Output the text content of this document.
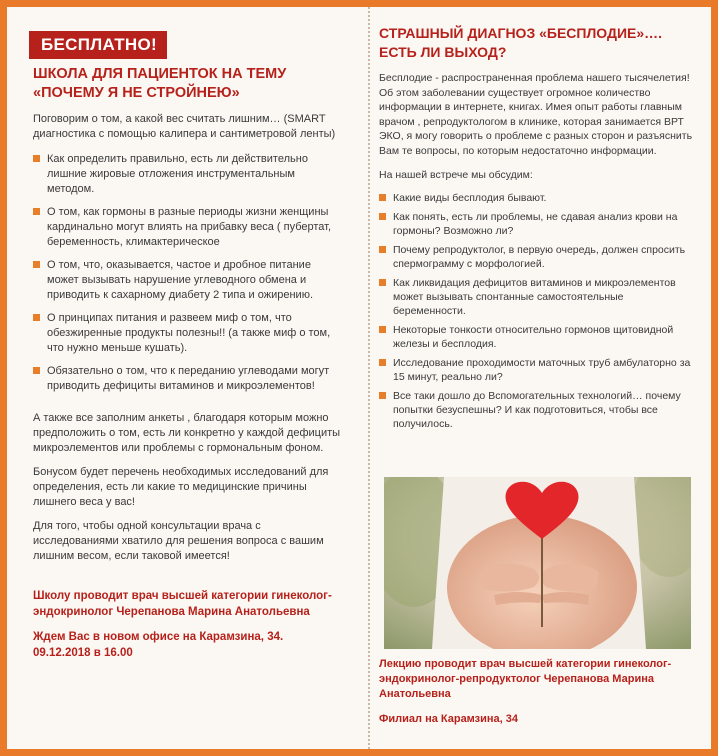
БЕСПЛАТНО!
ШКОЛА ДЛЯ ПАЦИЕНТОК НА ТЕМУ
«ПОЧЕМУ Я НЕ СТРОЙНЕЮ»

Поговорим о том, а какой вес считать лишним… (SMART диагностика с помощью калипера и сантиметровой ленты)

Как определить правильно, есть ли действительно лишние жировые отложения инструментальным методом.
О том, как гормоны в разные периоды жизни женщины кардинально могут влиять на прибавку веса ( пубертат, беременность, климактерическое
О том, что, оказывается, частое и дробное питание может вызывать нарушение углеводного обмена и приводить к сахарному диабету 2 типа и ожирению.
О принципах питания и развеем миф о том, что обезжиренные продукты полезны!! (а также миф о том, что нужно меньше кушать).
Обязательно о том, что к переданию углеводами могут приводить дефициты витаминов и микроэлементов!

А также все заполним анкеты , благодаря которым можно предположить о том, есть ли конкретно у каждой дефициты микроэлементов или проблемы с гормональным фоном.

Бонусом будет перечень необходимых исследований для определения, есть ли какие то медицинские причины лишнего веса у вас!

Для того, чтобы одной консультации врача с исследованиями хватило для решения вопроса с вашим лишним весом, если таковой имеется!

Школу проводит врач высшей категории гинеколог-эндокринолог Черепанова Марина Анатольевна

Ждем Вас в новом офисе на Карамзина, 34.
09.12.2018 в 16.00

СТРАШНЫЙ ДИАГНОЗ «БЕСПЛОДИЕ»….
ЕСТЬ ЛИ ВЫХОД?

Бесплодие - распространенная проблема нашего тысячелетия! Об этом заболевании существует огромное количество информации в интернете, книгах. Имея опыт работы главным врачом , репродуктологом в клинике, которая занимается ВРТ ЭКО, я могу говорить о проблеме с разных сторон и разъяснить Вам те вопросы, по которым недостаточно информации.

На нашей встрече мы обсудим:

Какие виды бесплодия бывают.
Как понять, есть ли проблемы, не сдавая анализ крови на гормоны? Возможно ли?
Почему репродуктолог, в первую очередь, должен спросить спермограмму с морфологией.
Как ликвидация дефицитов витаминов и микроэлементов может вызывать спонтанные самостоятельные беременности.
Некоторые тонкости относительно гормонов щитовидной железы и бесплодия.
Исследование проходимости маточных труб амбулаторно за 15 минут, реально ли?
Все таки дошло до Вспомогательных технологий… почему попытки безуспешны? И как подготовиться, чтобы все получилось.

Лекцию проводит врач высшей категории гинеколог-эндокринолог-репродуктолог Черепанова Марина Анатольевна

Филиал на Карамзина, 34
